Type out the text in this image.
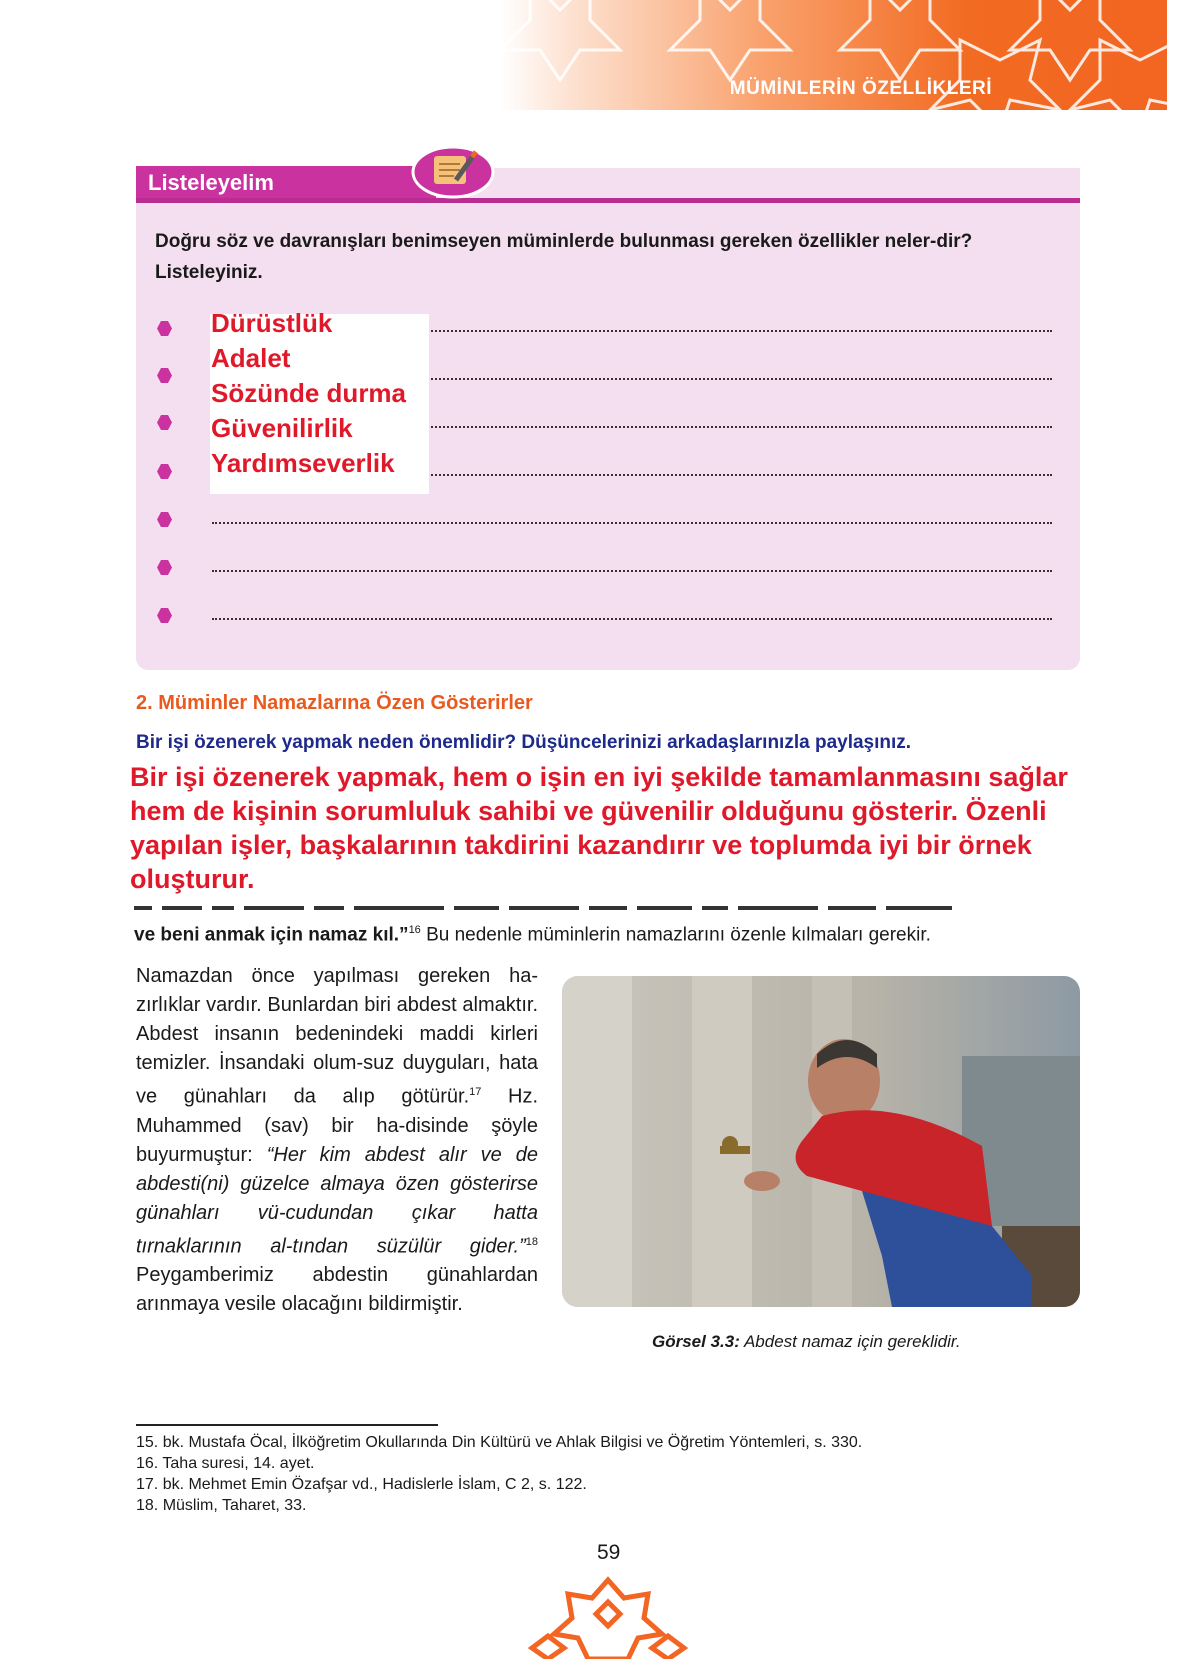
MÜMİNLERİN ÖZELLİKLERİ
Listeleyelim
Doğru söz ve davranışları benimseyen müminlerde bulunması gereken özellikler neler-dir? Listeleyiniz.
Dürüstlük
Adalet
Sözünde durma
Güvenilirlik
Yardımseverlik
2. Müminler Namazlarına Özen Gösterirler
Bir işi özenerek yapmak neden önemlidir? Düşüncelerinizi arkadaşlarınızla paylaşınız.
Bir işi özenerek yapmak, hem o işin en iyi şekilde tamamlanmasını sağlar hem de kişinin sorumluluk sahibi ve güvenilir olduğunu gösterir. Özenli yapılan işler, başkalarının takdirini kazandırır ve toplumda iyi bir örnek oluşturur.
ve beni anmak için namaz kıl.”$^{16}$ Bu nedenle müminlerin namazlarını özenle kılmaları gerekir.
Namazdan önce yapılması gereken ha-zırlıklar vardır. Bunlardan biri abdest almaktır. Abdest insanın bedenindeki maddi kirleri temizler. İnsandaki olum-suz duyguları, hata ve günahları da alıp götürür.$^{17}$ Hz. Muhammed (sav) bir ha-disinde şöyle buyurmuştur: “Her kim abdest alır ve de abdesti(ni) güzelce almaya özen gösterirse günahları vü-cudundan çıkar hatta tırnaklarının al-tından süzülür gider.”$^{18}$ Peygamberimiz abdestin günahlardan arınmaya vesile olacağını bildirmiştir.
Görsel 3.3: Abdest namaz için gereklidir.
15. bk. Mustafa Öcal, İlköğretim Okullarında Din Kültürü ve Ahlak Bilgisi ve Öğretim Yöntemleri, s. 330.
16. Taha suresi, 14. ayet.
17. bk. Mehmet Emin Özafşar vd., Hadislerle İslam, C 2, s. 122.
18. Müslim, Taharet, 33.
59
